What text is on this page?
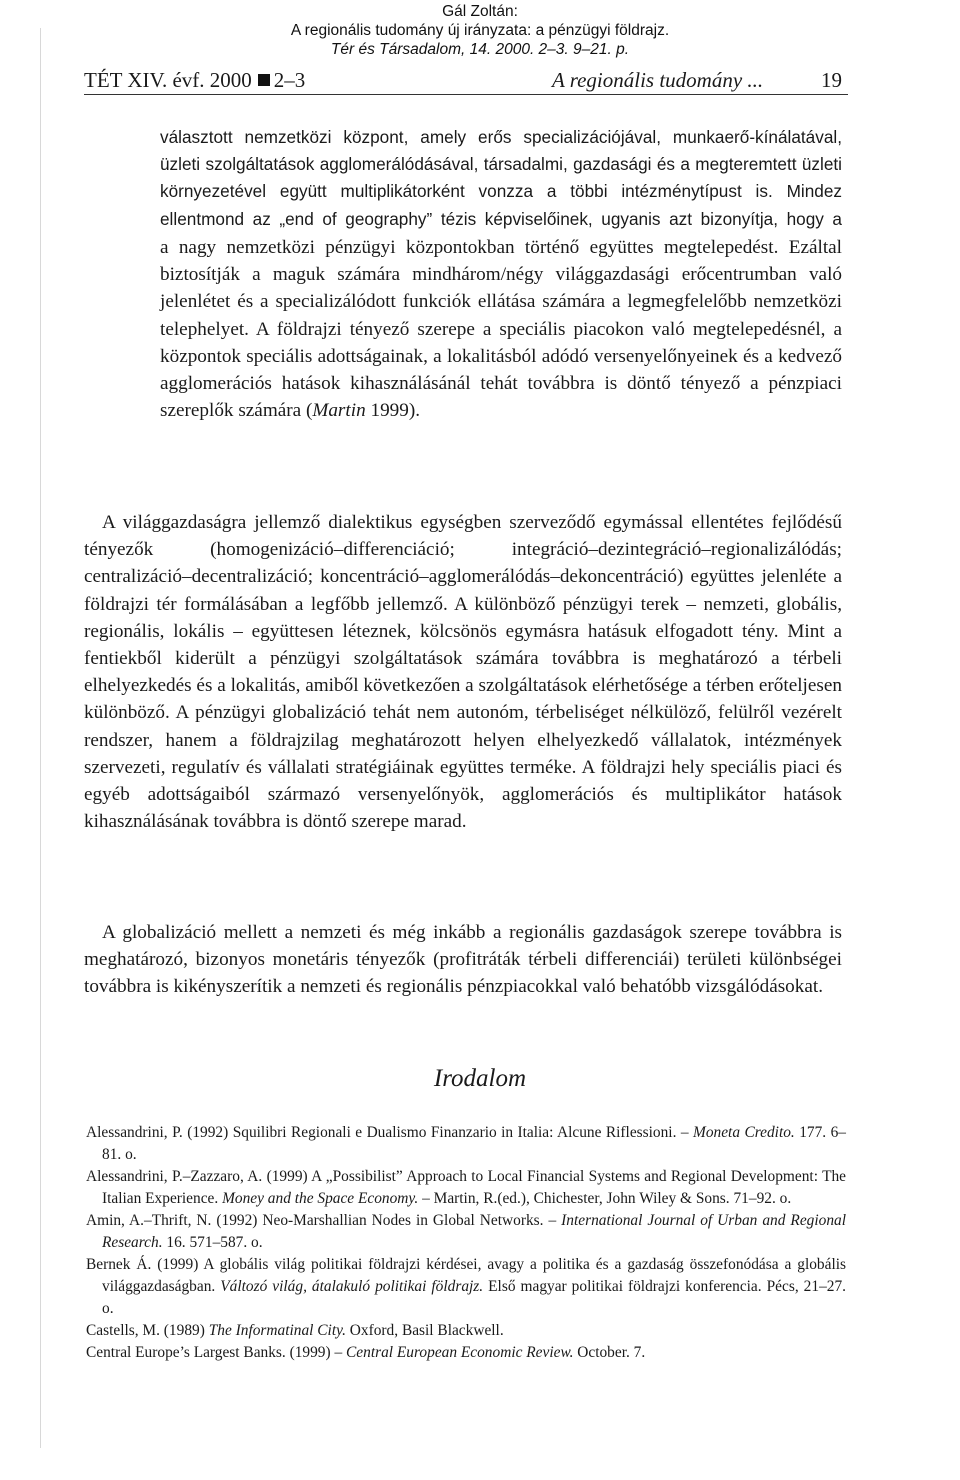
Gál Zoltán:
A regionális tudomány új irányzata: a pénzügyi földrajz.
Tér és Társadalom, 14. 2000. 2–3. 9–21. p.
TÉT XIV. évf. 2000 2–3	A regionális tudomány ...	19

választott nemzetközi központ, amely erős specializációjával, munkaerő-kínálatával, üzleti szolgáltatások agglomerálódásával, társadalmi, gazdasági és a megteremtett üzleti környezetével együtt multiplikátorként vonzza a többi intézménytípust is. Mindez ellentmond az „end of geography” tézis képviselőinek, ugyanis azt bizonyítja, hogy a

a nagy nemzetközi pénzügyi központokban történő együttes megtelepedést. Ezáltal biztosítják a maguk számára mindhárom/négy világgazdasági erőcentrumban való jelenlétet és a specializálódott funkciók ellátása számára a legmegfelelőbb nemzetközi telephelyet. A földrajzi tényező szerepe a speciális piacokon való megtelepedésnél, a központok speciális adottságainak, a lokalitásból adódó versenyelőnyeinek és a kedvező agglomerációs hatások kihasználásánál tehát továbbra is döntő tényező a pénzpiaci szereplők számára (Martin 1999).

A világgazdaságra jellemző dialektikus egységben szerveződő egymással ellentétes fejlődésű tényezők (homogenizáció–differenciáció; integráció–dezintegráció–regionalizálódás; centralizáció–decentralizáció; koncentráció–agglomerálódás–dekoncentráció) együttes jelenléte a földrajzi tér formálásában a legfőbb jellemző. A különböző pénzügyi terek – nemzeti, globális, regionális, lokális – együttesen léteznek, kölcsönös egymásra hatásuk elfogadott tény. Mint a fentiekből kiderült a pénzügyi szolgáltatások számára továbbra is meghatározó a térbeli elhelyezkedés és a lokalitás, amiből következően a szolgáltatások elérhetősége a térben erőteljesen különböző. A pénzügyi globalizáció tehát nem autonóm, térbeliséget nélkülöző, felülről vezérelt rendszer, hanem a földrajzilag meghatározott helyen elhelyezkedő vállalatok, intézmények szervezeti, regulatív és vállalati stratégiáinak együttes terméke. A földrajzi hely speciális piaci és egyéb adottságaiból származó versenyelőnyök, agglomerációs és multiplikátor hatások kihasználásának továbbra is döntő szerepe marad.

A globalizáció mellett a nemzeti és még inkább a regionális gazdaságok szerepe továbbra is meghatározó, bizonyos monetáris tényezők (profitráták térbeli differenciái) területi különbségei továbbra is kikényszerítik a nemzeti és regionális pénzpiacokkal való behatóbb vizsgálódásokat.

Irodalom

Alessandrini, P. (1992) Squilibri Regionali e Dualismo Finanzario in Italia: Alcune Riflessioni. – Moneta Credito. 177. 6–81. o.

Alessandrini, P.–Zazzaro, A. (1999) A „Possibilist” Approach to Local Financial Systems and Regional Development: The Italian Experience. Money and the Space Economy. – Martin, R.(ed.), Chichester, John Wiley & Sons. 71–92. o.

Amin, A.–Thrift, N. (1992) Neo-Marshallian Nodes in Global Networks. – International Journal of Urban and Regional Research. 16. 571–587. o.

Bernek Á. (1999) A globális világ politikai földrajzi kérdései, avagy a politika és a gazdaság összefonódása a globális világgazdaságban. Változó világ, átalakuló politikai földrajz. Első magyar politikai földrajzi konferencia. Pécs, 21–27. o.

Castells, M. (1989) The Informatinal City. Oxford, Basil Blackwell.

Central Europe’s Largest Banks. (1999) – Central European Economic Review. October. 7.
